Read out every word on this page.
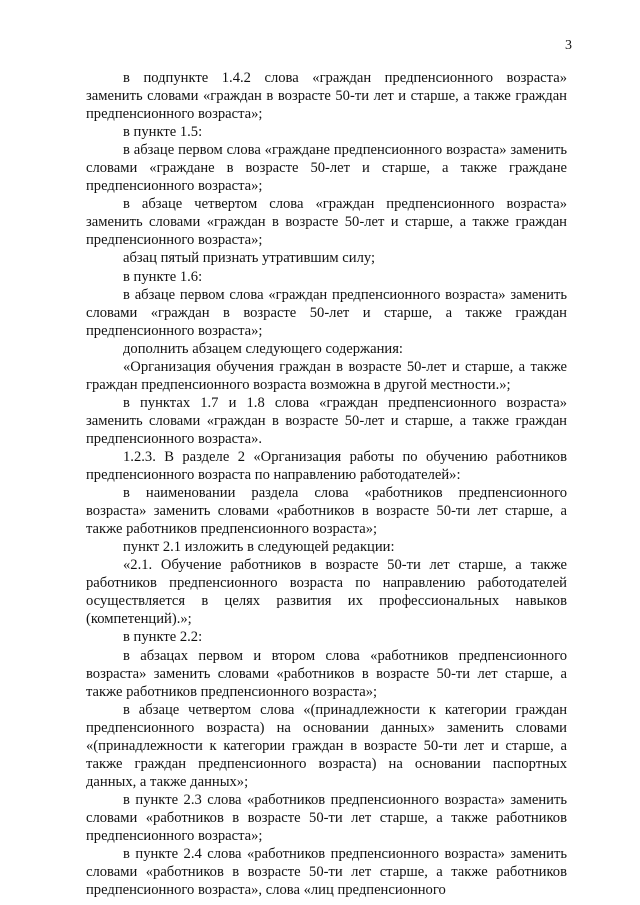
3

в подпункте 1.4.2 слова «граждан предпенсионного возраста» заменить словами «граждан в возрасте 50-ти лет и старше, а также граждан предпенсионного возраста»;

в пункте 1.5:

в абзаце первом слова «граждане предпенсионного возраста» заменить словами «граждане в возрасте 50-лет и старше, а также граждане предпенсионного возраста»;

в абзаце четвертом слова «граждан предпенсионного возраста» заменить словами «граждан в возрасте 50-лет и старше, а также граждан предпенсионного возраста»;

абзац пятый признать утратившим силу;

в пункте 1.6:

в абзаце первом слова «граждан предпенсионного возраста» заменить словами «граждан в возрасте 50-лет и старше, а также граждан предпенсионного возраста»;

дополнить абзацем следующего содержания:

«Организация обучения граждан в возрасте 50-лет и старше, а также граждан предпенсионного возраста возможна в другой местности.»;

в пунктах 1.7 и 1.8 слова «граждан предпенсионного возраста» заменить словами «граждан в возрасте 50-лет и старше, а также граждан предпенсионного возраста».

1.2.3. В разделе 2 «Организация работы по обучению работников предпенсионного возраста по направлению работодателей»:

в наименовании раздела слова «работников предпенсионного возраста» заменить словами «работников в возрасте 50-ти лет старше, а также работников предпенсионного возраста»;

пункт 2.1 изложить в следующей редакции:

«2.1. Обучение работников в возрасте 50-ти лет старше, а также работников предпенсионного возраста по направлению работодателей осуществляется в целях развития их профессиональных навыков (компетенций).»;

в пункте 2.2:

в абзацах первом и втором слова «работников предпенсионного возраста» заменить словами «работников в возрасте 50-ти лет старше, а также работников предпенсионного возраста»;

в абзаце четвертом слова «(принадлежности к категории граждан предпенсионного возраста) на основании данных» заменить словами «(принадлежности к категории граждан в возрасте 50-ти лет и старше, а также граждан предпенсионного возраста) на основании паспортных данных, а также данных»;

в пункте 2.3 слова «работников предпенсионного возраста» заменить словами «работников в возрасте 50-ти лет старше, а также работников предпенсионного возраста»;

в пункте 2.4 слова «работников предпенсионного возраста» заменить словами «работников в возрасте 50-ти лет старше, а также работников предпенсионного возраста», слова «лиц предпенсионного
